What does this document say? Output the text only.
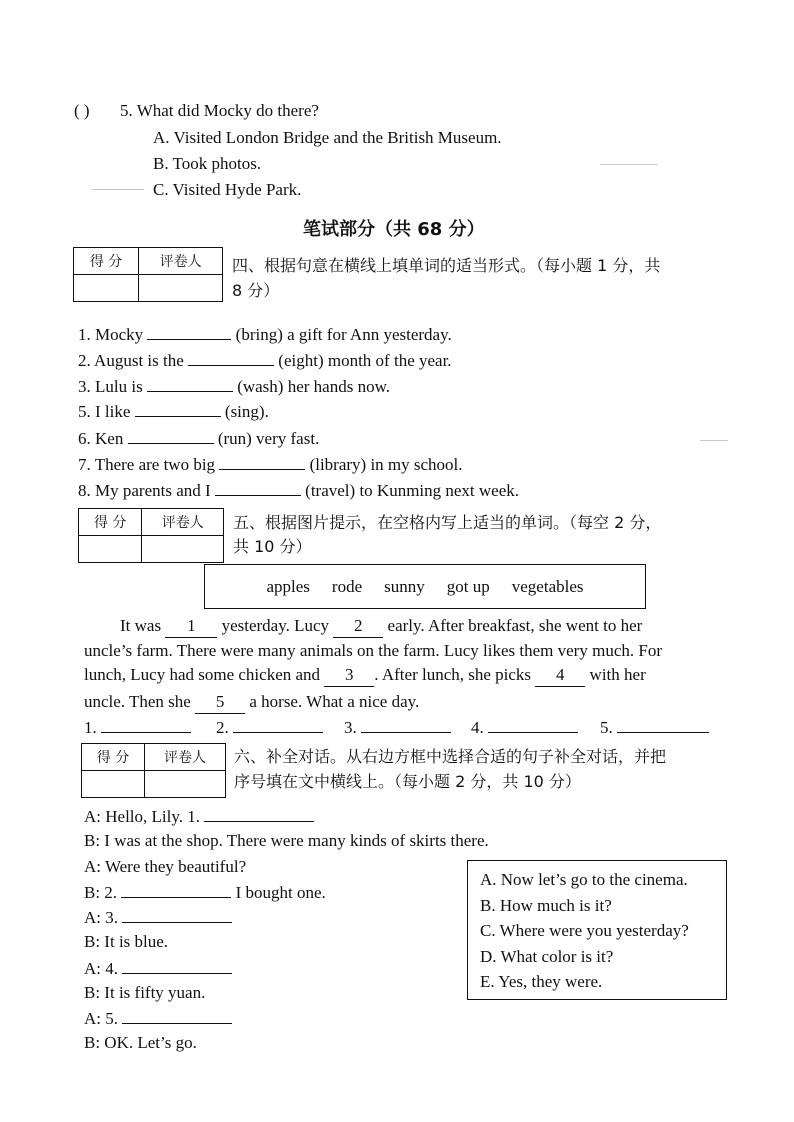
( ) 5. What did Mocky do there?
A. Visited London Bridge and the British Museum.
B. Took photos.
C. Visited Hyde Park.
笔试部分（共 68 分）
得 分	评卷人
	四、根据句意在横线上填单词的适当形式。（每小题 1 分，共
8 分）
1. Mocky	(bring) a gift for Ann yesterday.
2. August is the	(eight) month of the year.
3. Lulu is	(wash) her hands now.
5. I like	(sing).
6. Ken	(run) very fast.
7. There are two big	(library) in my school.
8. My parents and I	(travel) to Kunming next week.
得 分	评卷人
	五、根据图片提示，在空格内写上适当的单词。（每空 2 分，
共 10 分）
apples rode sunny got up vegetables
It was 1 yesterday. Lucy 2 early. After breakfast, she went to her
uncle’s farm. There were many animals on the farm. Lucy likes them very much. For
lunch, Lucy had some chicken and 3 . After lunch, she picks 4 with her
uncle. Then she 5 a horse. What a nice day.
1.	2.	3.	4.	5.
得 分	评卷人
	六、补全对话。从右边方框中选择合适的句子补全对话，并把
序号填在文中横线上。（每小题 2 分，共 10 分）
A: Hello, Lily. 1.
B: I was at the shop. There were many kinds of skirts there.
A: Were they beautiful?
B: 2.	I bought one.
A: 3.
B: It is blue.
A: 4.
B: It is fifty yuan.
A: 5.
B: OK. Let’s go.
A. Now let’s go to the cinema.
B. How much is it?
C. Where were you yesterday?
D. What color is it?
E. Yes, they were.
